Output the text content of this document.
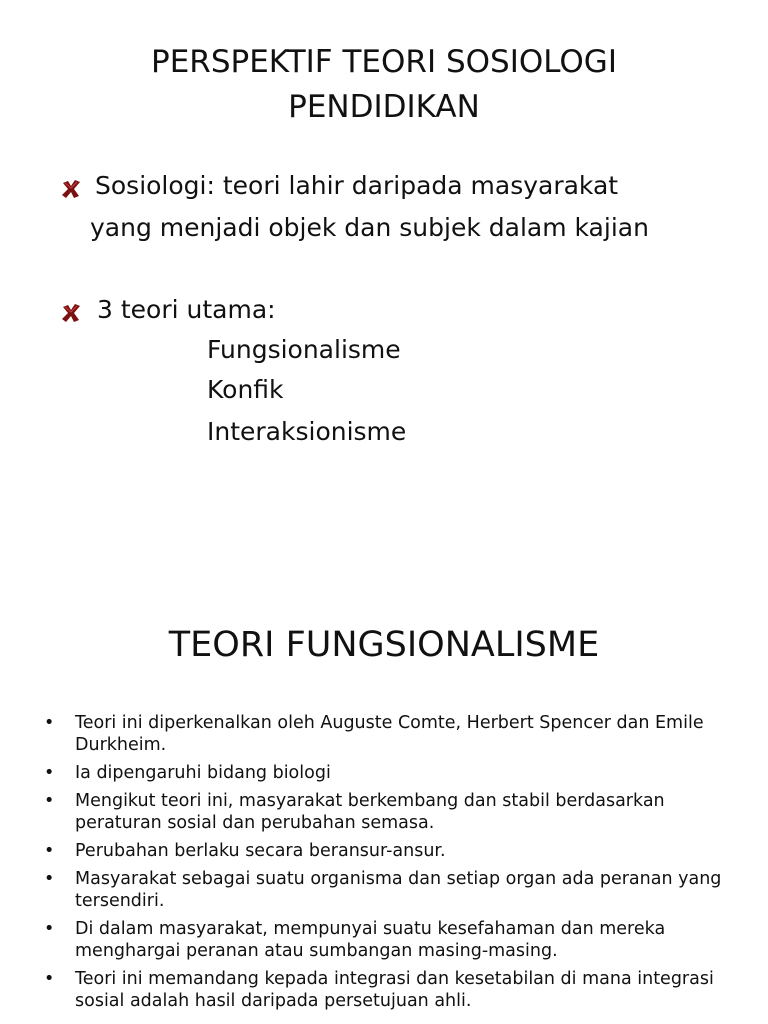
PERSPEKTIF TEORI SOSIOLOGI
PENDIDIKAN
Sosiologi: teori lahir daripada masyarakat
yang menjadi objek dan subjek dalam kajian
3 teori utama:
Fungsionalisme
Konfik
Interaksionisme
TEORI FUNGSIONALISME
• Teori ini diperkenalkan oleh Auguste Comte, Herbert Spencer dan Emile Durkheim.
• Ia dipengaruhi bidang biologi
• Mengikut teori ini, masyarakat berkembang dan stabil berdasarkan peraturan sosial dan perubahan semasa.
• Perubahan berlaku secara beransur-ansur.
• Masyarakat sebagai suatu organisma dan setiap organ ada peranan yang tersendiri.
• Di dalam masyarakat, mempunyai suatu kesefahaman dan mereka menghargai peranan atau sumbangan masing-masing.
• Teori ini memandang kepada integrasi dan kesetabilan di mana integrasi sosial adalah hasil daripada persetujuan ahli.
